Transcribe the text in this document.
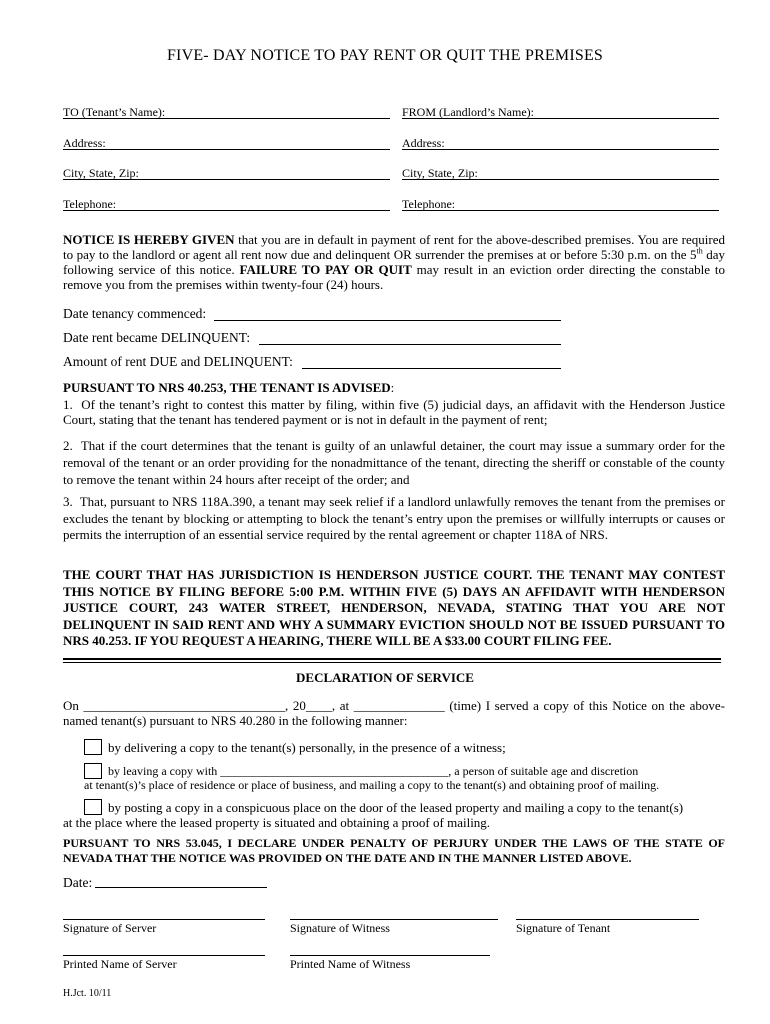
FIVE- DAY NOTICE TO PAY RENT OR QUIT THE PREMISES
TO (Tenant’s Name):	FROM (Landlord’s Name):
Address:	Address:
City, State, Zip:	City, State, Zip:
Telephone:	Telephone:
NOTICE IS HEREBY GIVEN that you are in default in payment of rent for the above-described premises. You are required to pay to the landlord or agent all rent now due and delinquent OR surrender the premises at or before 5:30 p.m. on the 5th day following service of this notice. FAILURE TO PAY OR QUIT may result in an eviction order directing the constable to remove you from the premises within twenty-four (24) hours.
Date tenancy commenced:
Date rent became DELINQUENT:
Amount of rent DUE and DELINQUENT:
PURSUANT TO NRS 40.253, THE TENANT IS ADVISED:
1.  Of the tenant’s right to contest this matter by filing, within five (5) judicial days, an affidavit with the Henderson Justice Court, stating that the tenant has tendered payment or is not in default in the payment of rent;
2.  That if the court determines that the tenant is guilty of an unlawful detainer, the court may issue a summary order for the removal of the tenant or an order providing for the nonadmittance of the tenant, directing the sheriff or constable of the county to remove the tenant within 24 hours after receipt of the order; and
3.  That, pursuant to NRS 118A.390, a tenant may seek relief if a landlord unlawfully removes the tenant from the premises or excludes the tenant by blocking or attempting to block the tenant’s entry upon the premises or willfully interrupts or causes or permits the interruption of an essential service required by the rental agreement or chapter 118A of NRS.
THE COURT THAT HAS JURISDICTION IS HENDERSON JUSTICE COURT. THE TENANT MAY CONTEST THIS NOTICE BY FILING BEFORE 5:00 P.M. WITHIN FIVE (5) DAYS AN AFFIDAVIT WITH HENDERSON JUSTICE COURT, 243 WATER STREET, HENDERSON, NEVADA, STATING THAT YOU ARE NOT DELINQUENT IN SAID RENT AND WHY A SUMMARY EVICTION SHOULD NOT BE ISSUED PURSUANT TO NRS 40.253. IF YOU REQUEST A HEARING, THERE WILL BE A $33.00 COURT FILING FEE.
DECLARATION OF SERVICE
On _______________________________, 20____, at ______________ (time) I served a copy of this Notice on the above-named tenant(s) pursuant to NRS 40.280 in the following manner:
by delivering a copy to the tenant(s) personally, in the presence of a witness;
by leaving a copy with ______________________________________, a person of suitable age and discretion
at tenant(s)’s place of residence or place of business, and mailing a copy to the tenant(s) and obtaining proof of mailing.
by posting a copy in a conspicuous place on the door of the leased property and mailing a copy to the tenant(s)
at the place where the leased property is situated and obtaining a proof of mailing.
PURSUANT TO NRS 53.045, I DECLARE UNDER PENALTY OF PERJURY UNDER THE LAWS OF THE STATE OF NEVADA THAT THE NOTICE WAS PROVIDED ON THE DATE AND IN THE MANNER LISTED ABOVE.
Date:
Signature of Server	Signature of Witness	Signature of Tenant
Printed Name of Server	Printed Name of Witness
H.Jct. 10/11
